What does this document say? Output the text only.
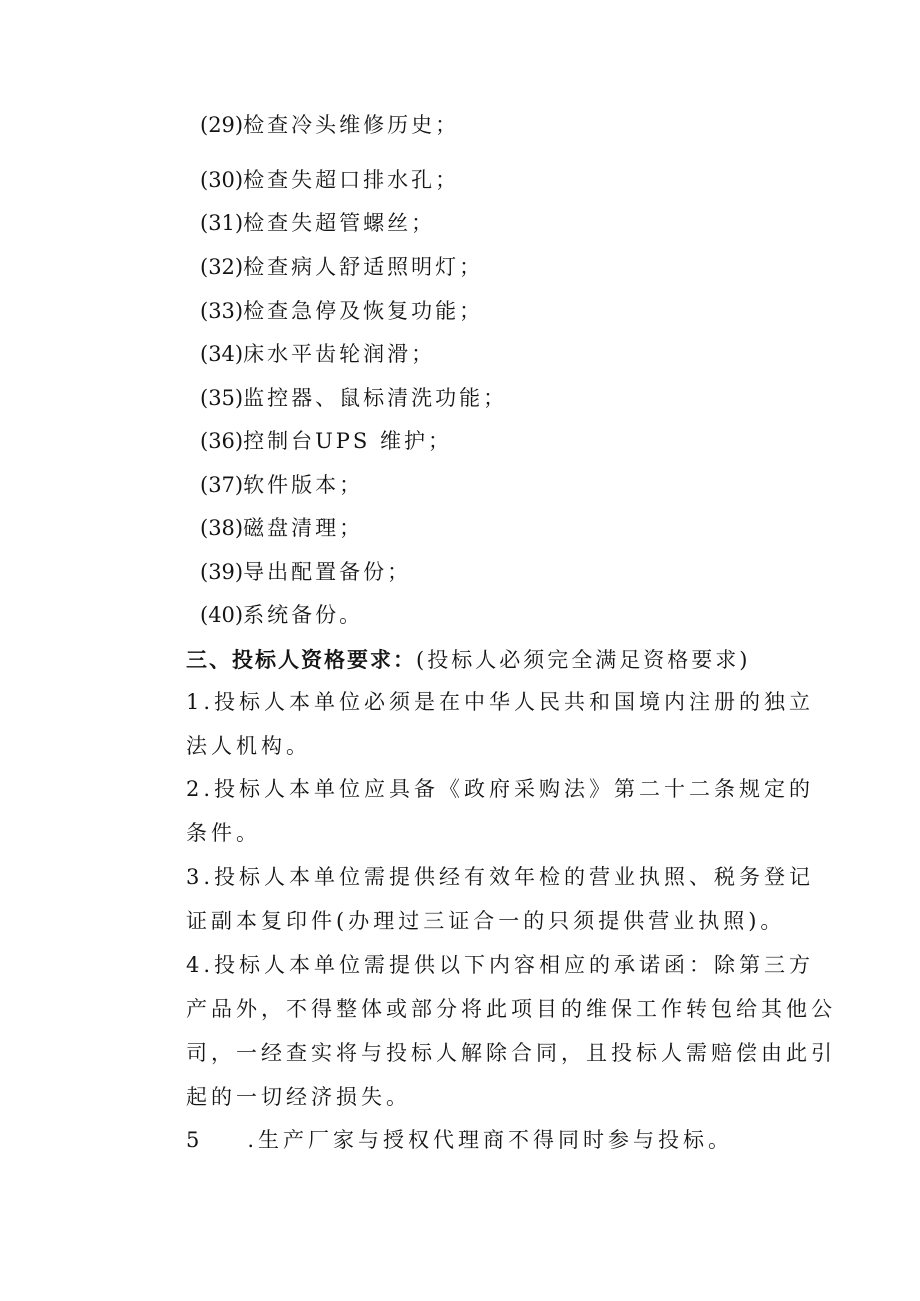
(29)检查冷头维修历史；
(30)检查失超口排水孔；
(31)检查失超管螺丝；
(32)检查病人舒适照明灯；
(33)检查急停及恢复功能；
(34)床水平齿轮润滑；
(35)监控器、鼠标清洗功能；
(36)控制台UPS 维护；
(37)软件版本；
(38)磁盘清理；
(39)导出配置备份；
(40)系统备份。
三、投标人资格要求：(投标人必须完全满足资格要求)
1.投标人本单位必须是在中华人民共和国境内注册的独立法人机构。
2.投标人本单位应具备《政府采购法》第二十二条规定的条件。
3.投标人本单位需提供经有效年检的营业执照、税务登记证副本复印件(办理过三证合一的只须提供营业执照)。
4.投标人本单位需提供以下内容相应的承诺函：除第三方产品外，不得整体或部分将此项目的维保工作转包给其他公司，一经查实将与投标人解除合同，且投标人需赔偿由此引起的一切经济损失。
5 .生产厂家与授权代理商不得同时参与投标。
